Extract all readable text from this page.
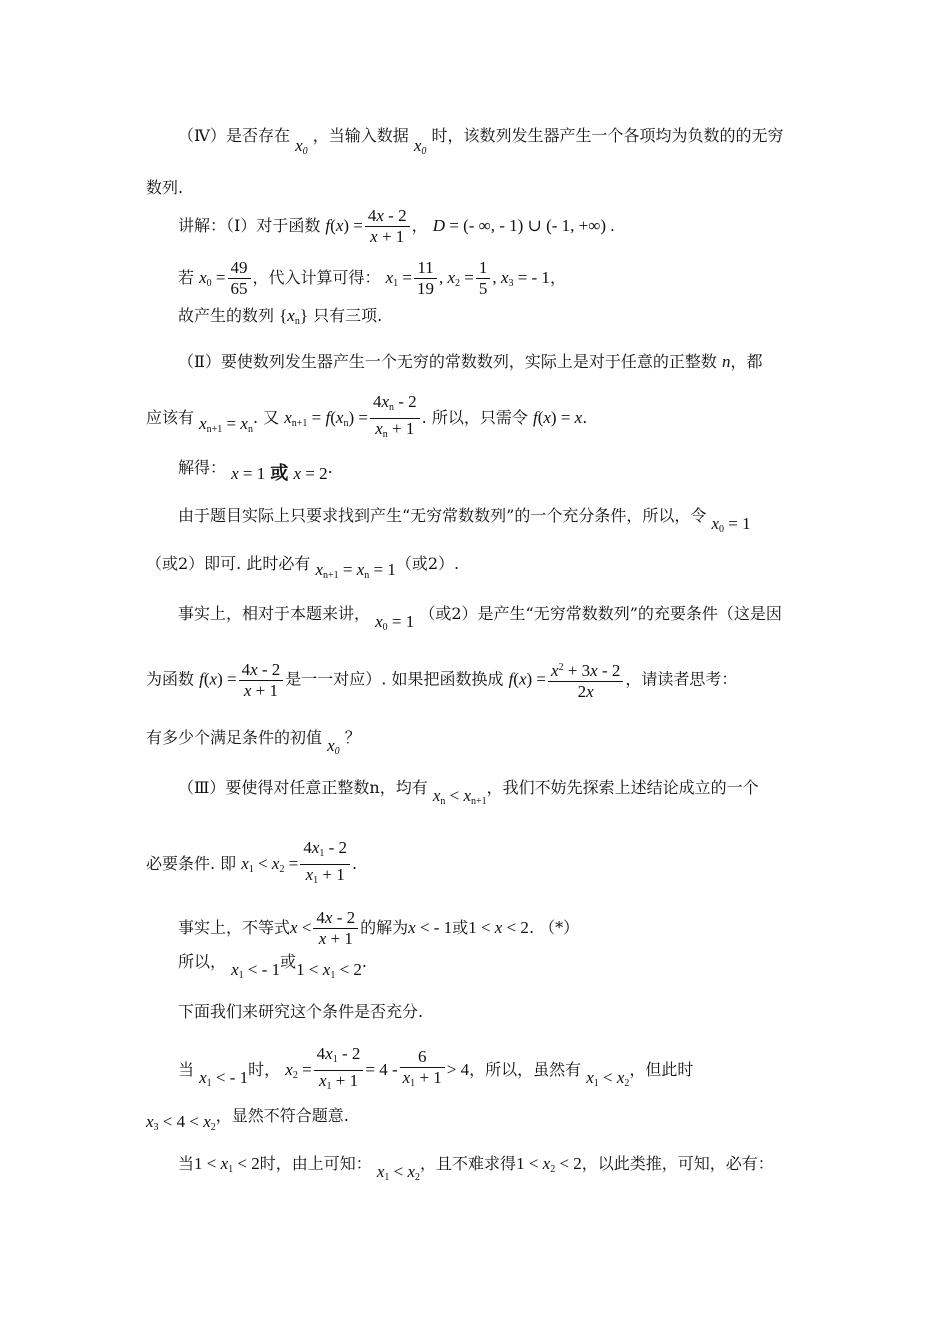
（Ⅳ）是否存在 $x_0$ ，当输入数据 $x_0$ 时，该数列发生器产生一个各项均为负数的的无穷
数列.
讲解：（Ⅰ）对于函数 $f(x) = \frac{4x - 2}{x + 1}$ ， D = (- ∞, - 1) ∪ (- 1, +∞) .
若 $x_0 = \frac{49}{65}$ ，代入计算可得： $x_1 = \frac{11}{19}$ , $x_2 = \frac{1}{5}$ , $x_3$ = - 1，
故产生的数列 $\{x_n\}$ 只有三项.
（Ⅱ）要使数列发生器产生一个无穷的常数数列，实际上是对于任意的正整数 n，都
应该有 $x_{n+1} = x_n$. 又 $x_{n+1} = f(x_n) = \frac{4x_n - 2}{x_n + 1}$ . 所以，只需令 f(x) = x.
解得： x = 1 或 x = 2.
由于题目实际上只要求找到产生“无穷常数数列”的一个充分条件，所以，令 $x_0 = 1$
（或2）即可. 此时必有 $x_{n+1} = x_n = 1$（或2）.
事实上，相对于本题来讲， $x_0 = 1$ （或2）是产生“无穷常数数列”的充要条件（这是因
为函数 $f(x) = \frac{4x - 2}{x + 1}$ 是一一对应）. 如果把函数换成 $f(x) = \frac{x^2 + 3x - 2}{2x}$ ，请读者思考：
有多少个满足条件的初值 $x_0$ ？
（Ⅲ）要使得对任意正整数n，均有 $x_n < x_{n+1}$，我们不妨先探索上述结论成立的一个
必要条件. 即 $x_1 < x_2 = \frac{4x_1 - 2}{x_1 + 1}$ .
事实上，不等式$x < \frac{4x - 2}{x + 1}$ 的解为x < - 1或1 < x < 2. （*）
所以， $x_1$ < - 1或$1 < x_1 < 2$.
下面我们来研究这个条件是否充分.
当 $x_1$ < - 1时， $x_2 = \frac{4x_1 - 2}{x_1 + 1} = 4 - \frac{6}{x_1 + 1} > 4$，所以，虽然有 $x_1 < x_2$，但此时
$x_3 < 4 < x_2$，显然不符合题意.
当$1 < x_1 < 2$时，由上可知： $x_1 < x_2$，且不难求得$1 < x_2 < 2$，以此类推，可知，必有：
